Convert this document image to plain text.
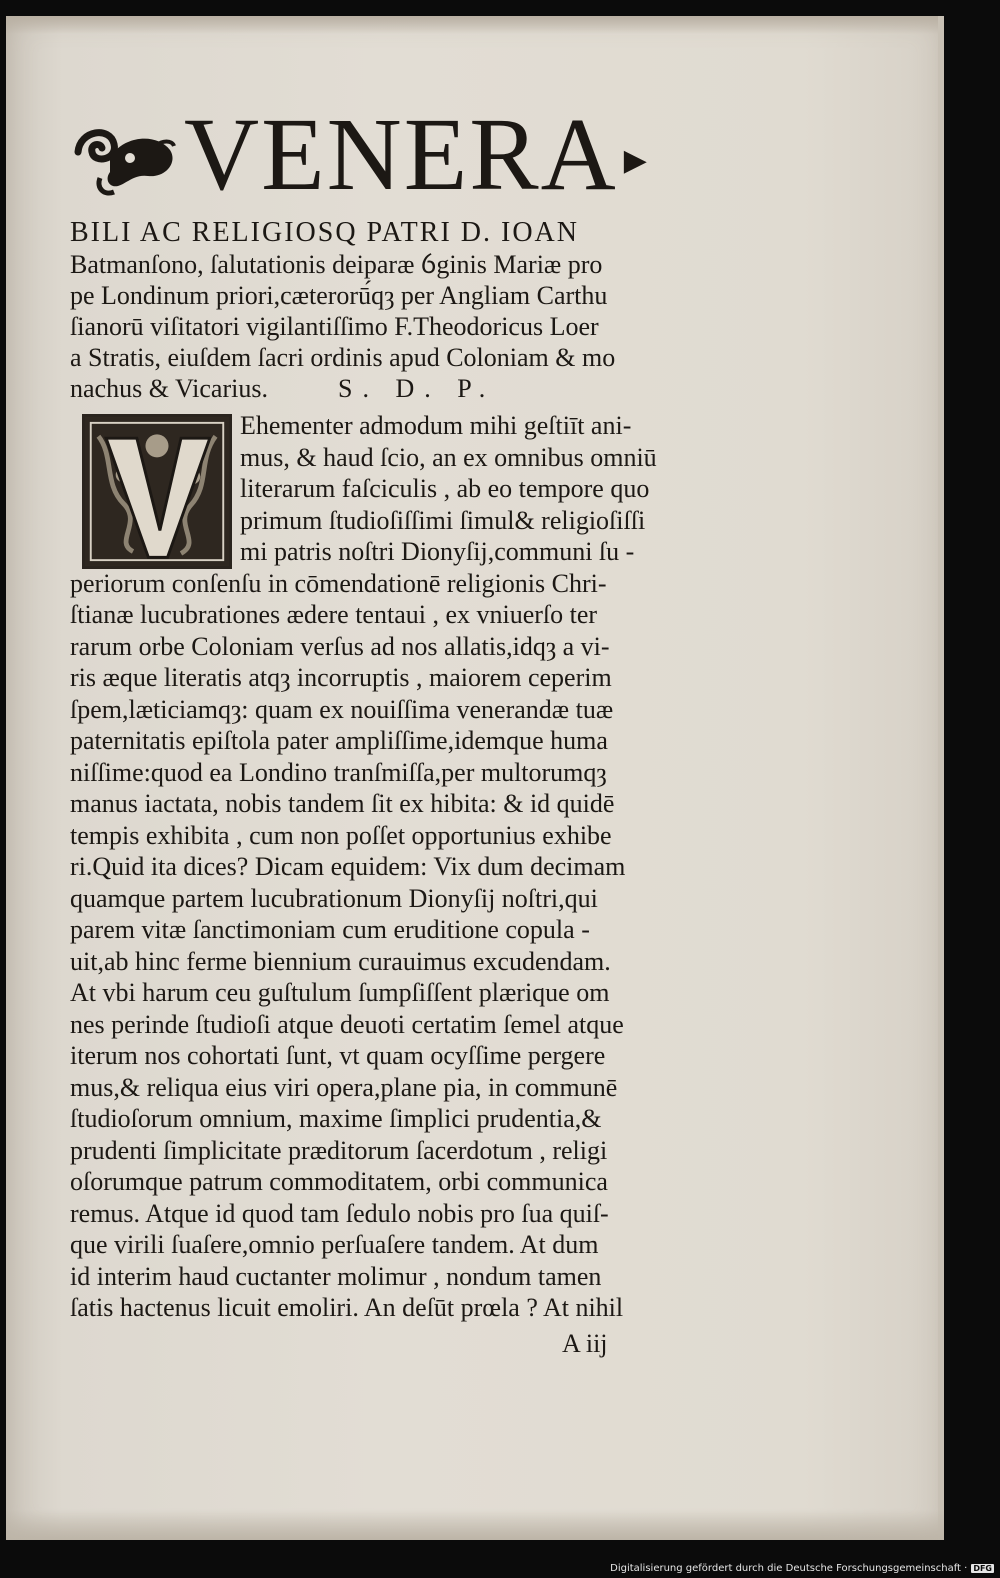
VENERA ▶
BILI AC RELIGIOSQ PATRI D. IOAN
Batmanſono, ſalutationis deiparæ ỽginis Mariæ pro
pe Londinum priori,cæterorū́qȝ per Angliam Carthu
ſianorū viſitatori vigilantiſſimo F.Theodoricus Loer
a Stratis, eiuſdem ſacri ordinis apud Coloniam & mo
nachus & Vicarius.	S. D. P.
Ehementer admodum mihi geſtiīt ani-
mus, & haud ſcio, an ex omnibus omniū
literarum faſciculis , ab eo tempore quo
primum ſtudioſiſſimi ſimul& religioſiſſi
mi patris noſtri Dionyſij,communi ſu -
periorum conſenſu in cōmendationē religionis Chri-
ſtianæ lucubrationes ædere tentaui , ex vniuerſo ter
rarum orbe Coloniam verſus ad nos allatis,idqȝ a vi-
ris æque literatis atqȝ incorruptis , maiorem ceperim
ſpem,læticiamqȝ: quam ex nouiſſima venerandæ tuæ
paternitatis epiſtola pater ampliſſime,idemque huma
niſſime:quod ea Londino tranſmiſſa,per multorumqȝ
manus iactata, nobis tandem ſit ex hibita: & id quidē
tempis exhibita , cum non poſſet opportunius exhibe
ri.Quid ita dices? Dicam equidem: Vix dum decimam
quamque partem lucubrationum Dionyſij noſtri,qui
parem vitæ ſanctimoniam cum eruditione copula -
uit,ab hinc ferme biennium curauimus excudendam.
At vbi harum ceu guſtulum ſumpſiſſent plærique om
nes perinde ſtudioſi atque deuoti certatim ſemel atque
iterum nos cohortati ſunt, vt quam ocyſſime pergere
mus,& reliqua eius viri opera,plane pia, in communē
ſtudioſorum omnium, maxime ſimplici prudentia,&
prudenti ſimplicitate præditorum ſacerdotum , religi
oſorumque patrum commoditatem, orbi communica
remus. Atque id quod tam ſedulo nobis pro ſua quiſ-
que virili ſuaſere,omnio perſuaſere tandem. At dum
id interim haud cuctanter molimur , nondum tamen
ſatis hactenus licuit emoliri. An deſūt prœla ? At nihil
A iij
Digitalisierung gefördert durch die Deutsche Forschungsgemeinschaft · DFG
